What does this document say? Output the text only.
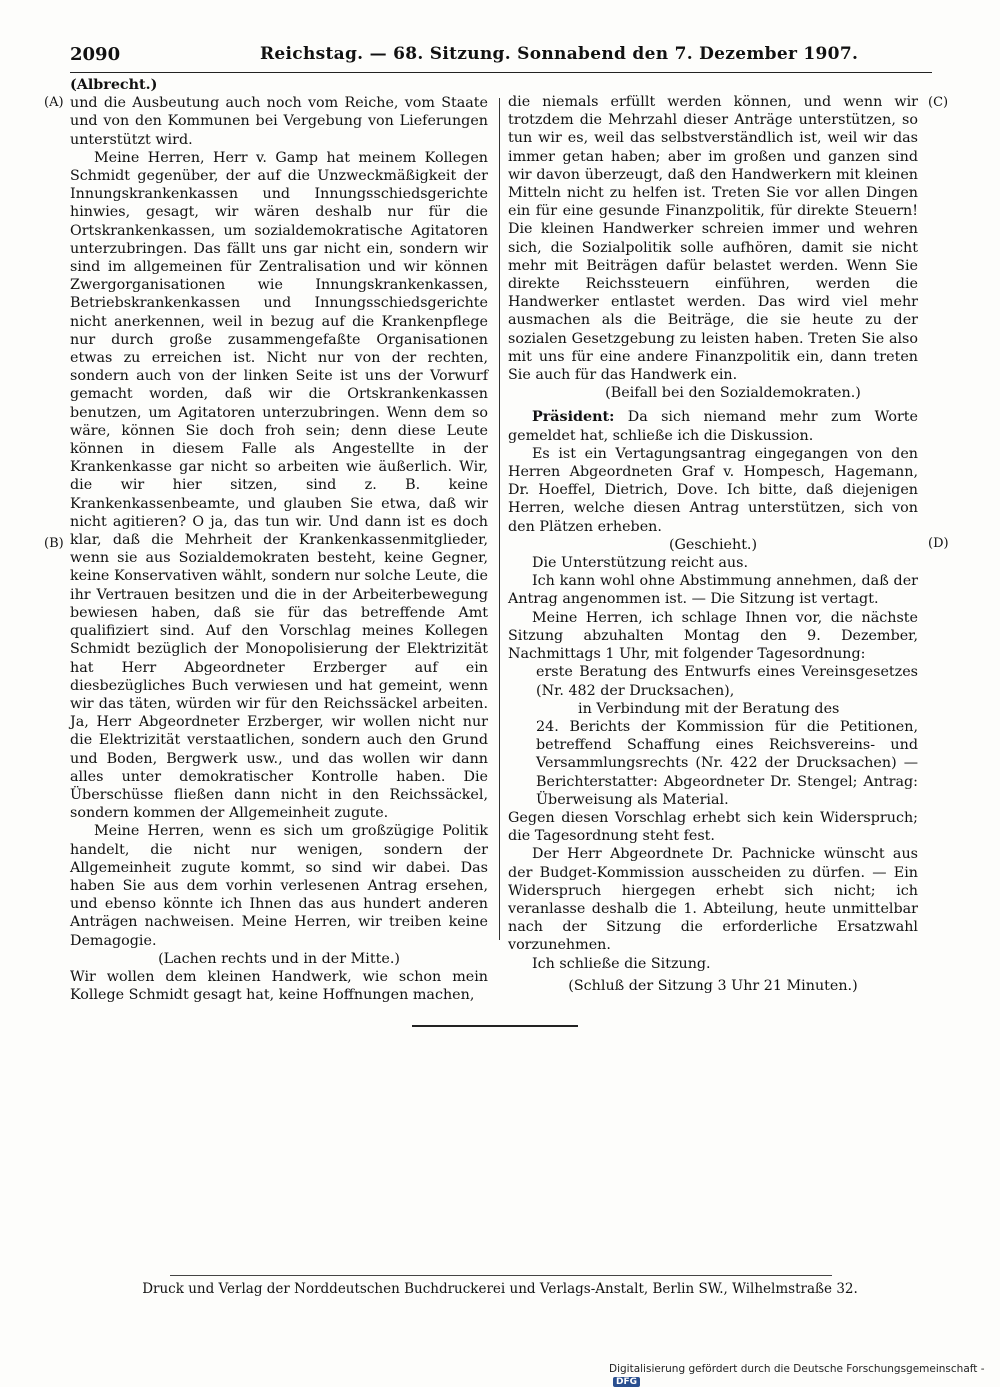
2090	Reichstag. — 68. Sitzung. Sonnabend den 7. Dezember 1907.
(A)
(B)
(C)
(D)

(Albrecht.)

und die Ausbeutung auch noch vom Reiche, vom Staate und von den Kommunen bei Vergebung von Lieferungen unterstützt wird.

Meine Herren, Herr v. Gamp hat meinem Kollegen Schmidt gegenüber, der auf die Unzweckmäßigkeit der Innungskrankenkassen und Innungsschiedsgerichte hinwies, gesagt, wir wären deshalb nur für die Ortskrankenkassen, um sozialdemokratische Agitatoren unterzubringen. Das fällt uns gar nicht ein, sondern wir sind im allgemeinen für Zentralisation und wir können Zwergorganisationen wie Innungskrankenkassen, Betriebskrankenkassen und Innungsschiedsgerichte nicht anerkennen, weil in bezug auf die Krankenpflege nur durch große zusammengefaßte Organisationen etwas zu erreichen ist. Nicht nur von der rechten, sondern auch von der linken Seite ist uns der Vorwurf gemacht worden, daß wir die Ortskrankenkassen benutzen, um Agitatoren unterzubringen. Wenn dem so wäre, können Sie doch froh sein; denn diese Leute können in diesem Falle als Angestellte in der Krankenkasse gar nicht so arbeiten wie äußerlich. Wir, die wir hier sitzen, sind z. B. keine Krankenkassenbeamte, und glauben Sie etwa, daß wir nicht agitieren? O ja, das tun wir. Und dann ist es doch klar, daß die Mehrheit der Krankenkassenmitglieder, wenn sie aus Sozialdemokraten besteht, keine Gegner, keine Konservativen wählt, sondern nur solche Leute, die ihr Vertrauen besitzen und die in der Arbeiterbewegung bewiesen haben, daß sie für das betreffende Amt qualifiziert sind. Auf den Vorschlag meines Kollegen Schmidt bezüglich der Monopolisierung der Elektrizität hat Herr Abgeordneter Erzberger auf ein diesbezügliches Buch verwiesen und hat gemeint, wenn wir das täten, würden wir für den Reichssäckel arbeiten. Ja, Herr Abgeordneter Erzberger, wir wollen nicht nur die Elektrizität verstaatlichen, sondern auch den Grund und Boden, Bergwerk usw., und das wollen wir dann alles unter demokratischer Kontrolle haben. Die Überschüsse fließen dann nicht in den Reichssäckel, sondern kommen der Allgemeinheit zugute.

Meine Herren, wenn es sich um großzügige Politik handelt, die nicht nur wenigen, sondern der Allgemeinheit zugute kommt, so sind wir dabei. Das haben Sie aus dem vorhin verlesenen Antrag ersehen, und ebenso könnte ich Ihnen das aus hundert anderen Anträgen nachweisen. Meine Herren, wir treiben keine Demagogie.

(Lachen rechts und in der Mitte.)

Wir wollen dem kleinen Handwerk, wie schon mein Kollege Schmidt gesagt hat, keine Hoffnungen machen,

die niemals erfüllt werden können, und wenn wir trotzdem die Mehrzahl dieser Anträge unterstützen, so tun wir es, weil das selbstverständlich ist, weil wir das immer getan haben; aber im großen und ganzen sind wir davon überzeugt, daß den Handwerkern mit kleinen Mitteln nicht zu helfen ist. Treten Sie vor allen Dingen ein für eine gesunde Finanzpolitik, für direkte Steuern! Die kleinen Handwerker schreien immer und wehren sich, die Sozialpolitik solle aufhören, damit sie nicht mehr mit Beiträgen dafür belastet werden. Wenn Sie direkte Reichssteuern einführen, werden die Handwerker entlastet werden. Das wird viel mehr ausmachen als die Beiträge, die sie heute zu der sozialen Gesetzgebung zu leisten haben. Treten Sie also mit uns für eine andere Finanzpolitik ein, dann treten Sie auch für das Handwerk ein.

(Beifall bei den Sozialdemokraten.)

Präsident: Da sich niemand mehr zum Worte gemeldet hat, schließe ich die Diskussion.

Es ist ein Vertagungsantrag eingegangen von den Herren Abgeordneten Graf v. Hompesch, Hagemann, Dr. Hoeffel, Dietrich, Dove. Ich bitte, daß diejenigen Herren, welche diesen Antrag unterstützen, sich von den Plätzen erheben.

(Geschieht.)

Die Unterstützung reicht aus.

Ich kann wohl ohne Abstimmung annehmen, daß der Antrag angenommen ist. — Die Sitzung ist vertagt.

Meine Herren, ich schlage Ihnen vor, die nächste Sitzung abzuhalten Montag den 9. Dezember, Nachmittags 1 Uhr, mit folgender Tagesordnung:

erste Beratung des Entwurfs eines Vereinsgesetzes (Nr. 482 der Drucksachen),

in Verbindung mit der Beratung des

24. Berichts der Kommission für die Petitionen, betreffend Schaffung eines Reichsvereins- und Versammlungsrechts (Nr. 422 der Drucksachen) — Berichterstatter: Abgeordneter Dr. Stengel; Antrag: Überweisung als Material.

Gegen diesen Vorschlag erhebt sich kein Widerspruch; die Tagesordnung steht fest.

Der Herr Abgeordnete Dr. Pachnicke wünscht aus der Budget-Kommission ausscheiden zu dürfen. — Ein Widerspruch hiergegen erhebt sich nicht; ich veranlasse deshalb die 1. Abteilung, heute unmittelbar nach der Sitzung die erforderliche Ersatzwahl vorzunehmen.

Ich schließe die Sitzung.

(Schluß der Sitzung 3 Uhr 21 Minuten.)

Druck und Verlag der Norddeutschen Buchdruckerei und Verlags-Anstalt, Berlin SW., Wilhelmstraße 32.
Digitalisierung gefördert durch die Deutsche Forschungsgemeinschaft -DFG
